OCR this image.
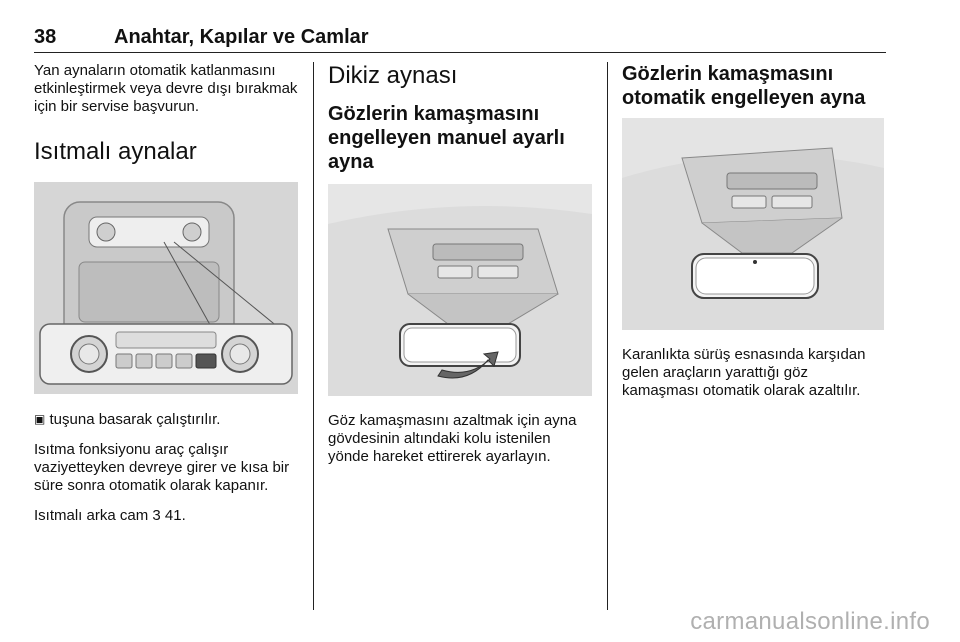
38	Anahtar, Kapılar ve Camlar

Yan aynaların otomatik katlanmasını etkinleştirmek veya devre dışı bırakmak için bir servise başvurun.

Isıtmalı aynalar

▣ tuşuna basarak çalıştırılır.

Isıtma fonksiyonu araç çalışır vaziyetteyken devreye girer ve kısa bir süre sonra otomatik olarak kapanır.

Isıtmalı arka cam 3 41.

Dikiz aynası
Gözlerin kamaşmasını engelleyen manuel ayarlı ayna

Göz kamaşmasını azaltmak için ayna gövdesinin altındaki kolu istenilen yönde hareket ettirerek ayarlayın.

Gözlerin kamaşmasını otomatik engelleyen ayna

Karanlıkta sürüş esnasında karşıdan gelen araçların yarattığı göz kamaşması otomatik olarak azaltılır.

carmanualsonline.info
